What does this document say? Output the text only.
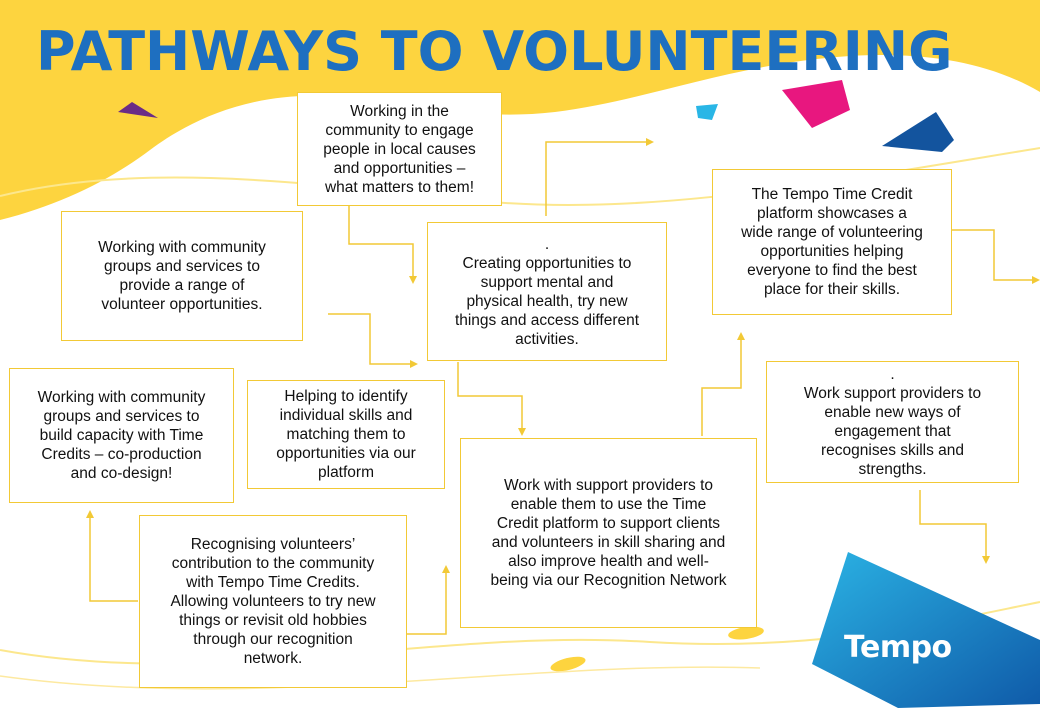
PATHWAYS TO VOLUNTEERING
Working in the
community to engage
people in local causes
and opportunities –
what matters to them!
Working with community
groups and services to
provide a range of
volunteer opportunities.
.
Creating opportunities to
support mental and
physical health, try new
things and access different
activities.
The Tempo Time Credit
platform showcases a
wide range of volunteering
opportunities helping
everyone to find the best
place for their skills.
Working with community
groups and services to
build capacity with Time
Credits – co-production
and co-design!
Helping to identify
individual skills and
matching them to
opportunities via our
platform
.
Work support providers to
enable new ways of
engagement that
recognises skills and
strengths.
Work with support providers to
enable them to use the Time
Credit platform to support clients
and volunteers in skill sharing and
also improve health and well-
being via our Recognition Network
Recognising volunteers’
contribution to the community
with Tempo Time Credits.
Allowing volunteers to try new
things or revisit old hobbies
through our recognition
network.	Tempo
